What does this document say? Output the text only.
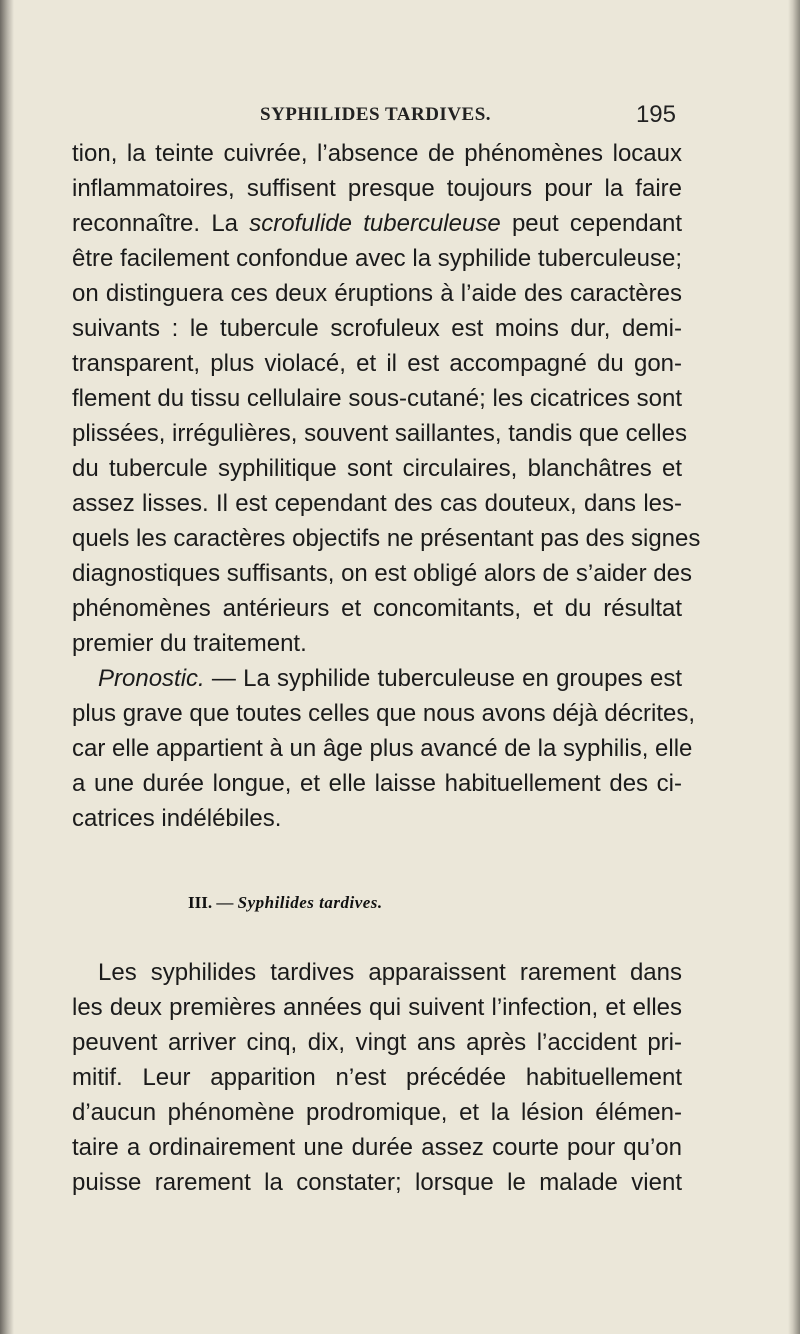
SYPHILIDES TARDIVES.	195
tion, la teinte cuivrée, l’absence de phénomènes locaux
inflammatoires, suffisent presque toujours pour la faire
reconnaître. La scrofulide tuberculeuse peut cependant
être facilement confondue avec la syphilide tuberculeuse;
on distinguera ces deux éruptions à l’aide des caractères
suivants : le tubercule scrofuleux est moins dur, demi-
transparent, plus violacé, et il est accompagné du gon-
flement du tissu cellulaire sous-cutané; les cicatrices sont
plissées, irrégulières, souvent saillantes, tandis que celles
du tubercule syphilitique sont circulaires, blanchâtres et
assez lisses. Il est cependant des cas douteux, dans les-
quels les caractères objectifs ne présentant pas des signes
diagnostiques suffisants, on est obligé alors de s’aider des
phénomènes antérieurs et concomitants, et du résultat
premier du traitement.
Pronostic. — La syphilide tuberculeuse en groupes est
plus grave que toutes celles que nous avons déjà décrites,
car elle appartient à un âge plus avancé de la syphilis, elle
a une durée longue, et elle laisse habituellement des ci-
catrices indélébiles.
III. — Syphilides tardives.
Les syphilides tardives apparaissent rarement dans
les deux premières années qui suivent l’infection, et elles
peuvent arriver cinq, dix, vingt ans après l’accident pri-
mitif. Leur apparition n’est précédée habituellement
d’aucun phénomène prodromique, et la lésion élémen-
taire a ordinairement une durée assez courte pour qu’on
puisse rarement la constater; lorsque le malade vient
